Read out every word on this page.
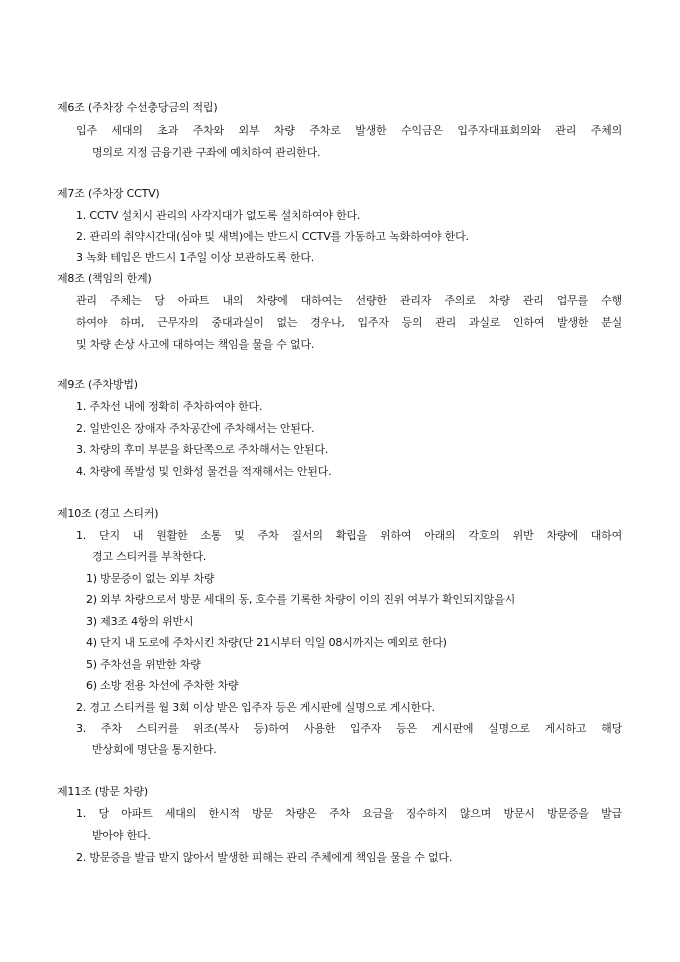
제6조 (주차장 수선충당금의 적립)
입주 세대의 초과 주차와 외부 차량 주차로 발생한 수익금은 입주자대표회의와 관리 주체의
명의로 지정 금융기관 구좌에 예치하여 관리한다.
제7조 (주차장 CCTV)
1. CCTV 설치시 관리의 사각지대가 없도록 설치하여야 한다.
2. 관리의 취약시간대(심야 및 새벽)에는 반드시 CCTV를 가동하고 녹화하여야 한다.
3 녹화 테입은 반드시 1주일 이상 보관하도록 한다.
제8조 (책임의 한계)
관리 주체는 당 아파트 내의 차량에 대하여는 선량한 관리자 주의로 차량 관리 업무를 수행
하여야 하며, 근무자의 중대과실이 없는 경우나, 입주자 등의 관리 과실로 인하여 발생한 분실
및 차량 손상 사고에 대하여는 책임을 물을 수 없다.
제9조 (주차방법)
1. 주차선 내에 정확히 주차하여야 한다.
2. 일반인은 장애자 주차공간에 주차해서는 안된다.
3. 차량의 후미 부분을 화단쪽으로 주차해서는 안된다.
4. 차량에 폭발성 및 인화성 물건을 적재해서는 안된다.
제10조 (경고 스티커)
1. 단지 내 원활한 소통 및 주차 질서의 확립을 위하여 아래의 각호의 위반 차량에 대하여
경고 스티커를 부착한다.
1) 방문증이 없는 외부 차량
2) 외부 차량으로서 방문 세대의 동, 호수를 기록한 차량이 이의 진위 여부가 확인되지않을시
3) 제3조 4항의 위반시
4) 단지 내 도로에 주차시킨 차량(단 21시부터 익일 08시까지는 예외로 한다)
5) 주차선을 위반한 차량
6) 소방 전용 차선에 주차한 차량
2. 경고 스티커를 월 3회 이상 받은 입주자 등은 게시판에 실명으로 게시한다.
3. 주차 스티커를 위조(복사 등)하여 사용한 입주자 등은 게시판에 실명으로 게시하고 해당
반상회에 명단을 통지한다.
제11조 (방문 차량)
1. 당 아파트 세대의 한시적 방문 차량은 주차 요금을 징수하지 않으며 방문시 방문증을 발급
받아야 한다.
2. 방문증을 발급 받지 않아서 발생한 피해는 관리 주체에게 책임을 물을 수 없다.
